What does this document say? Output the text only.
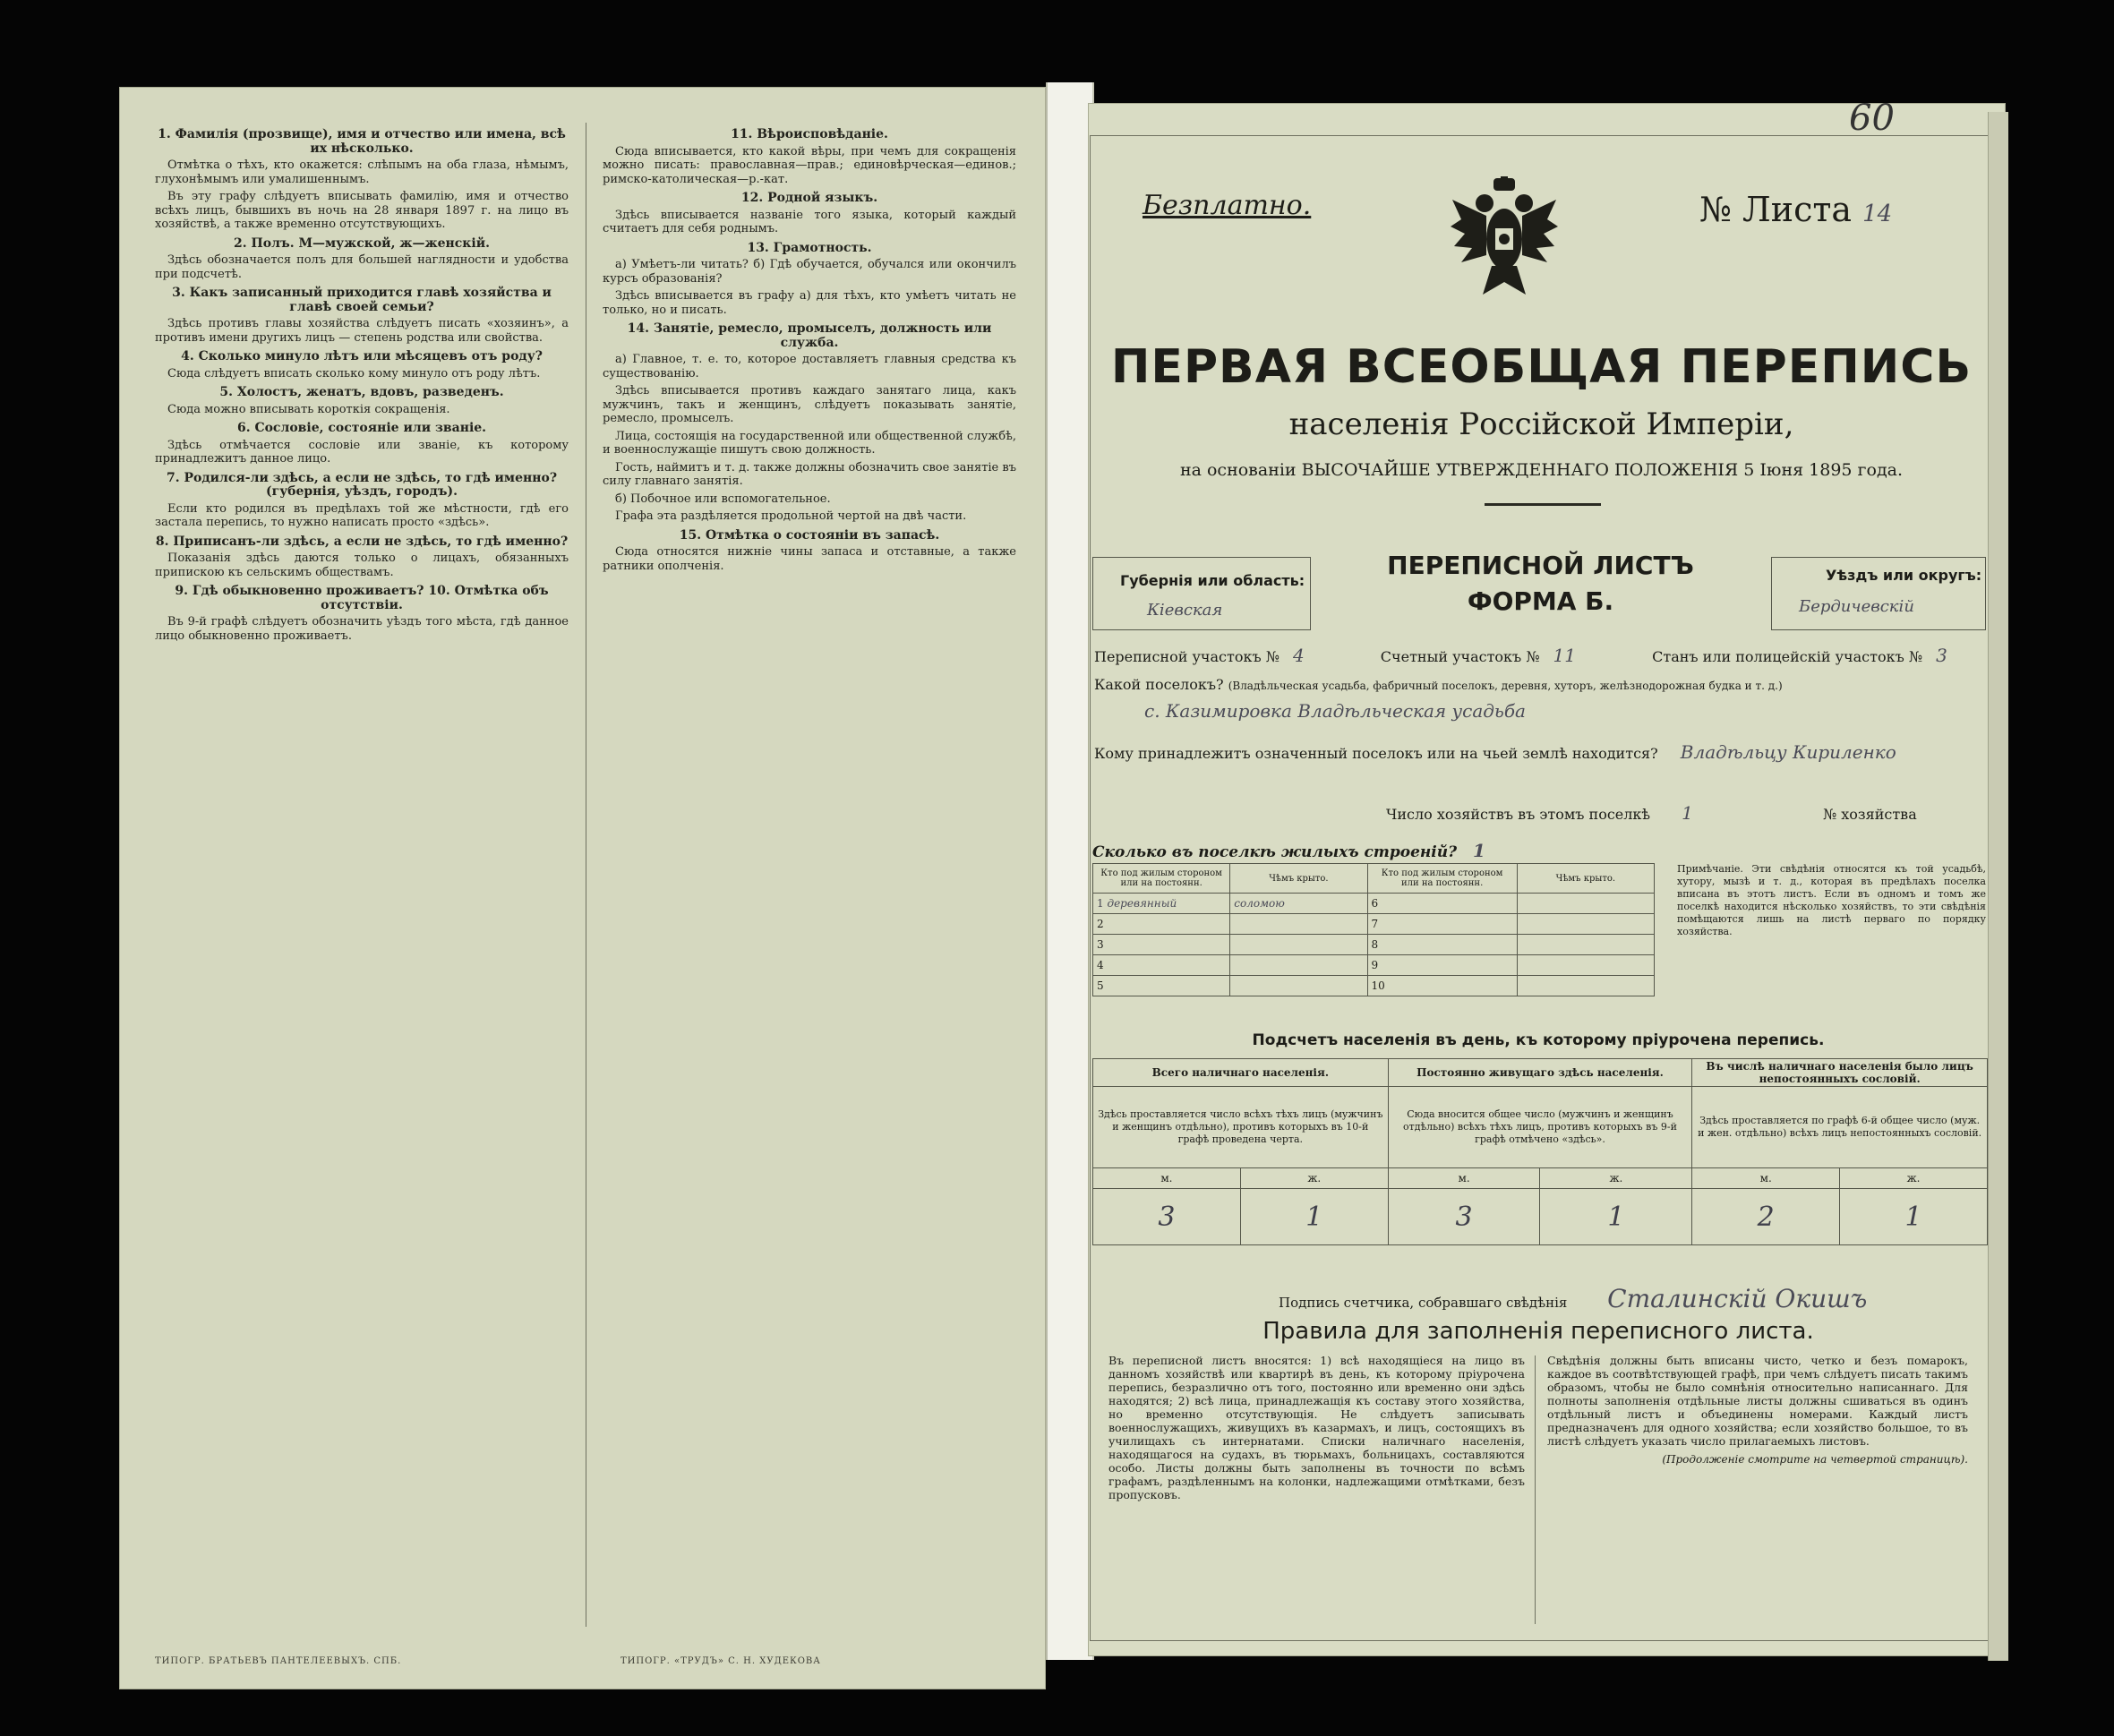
1. Фамилія (прозвище), имя и отчество или имена, всѣ их нѣсколько.

Отмѣтка о тѣхъ, кто окажется: слѣпымъ на оба глаза, нѣмымъ, глухонѣмымъ или умалишеннымъ.

Въ эту графу слѣдуетъ вписывать фамилію, имя и отчество всѣхъ лицъ, бывшихъ въ ночь на 28 января 1897 г. на лицо въ хозяйствѣ, а также временно отсутствующихъ.

2. Полъ. М—мужской, ж—женскій.

Здѣсь обозначается полъ для большей наглядности и удобства при подсчетѣ.

3. Какъ записанный приходится главѣ хозяйства и главѣ своей семьи?

Здѣсь противъ главы хозяйства слѣдуетъ писать «хозяинъ», а противъ имени другихъ лицъ — степень родства или свойства.

4. Сколько минуло лѣтъ или мѣсяцевъ отъ роду?

Сюда слѣдуетъ вписать сколько кому минуло отъ роду лѣтъ.

5. Холостъ, женатъ, вдовъ, разведенъ.

Сюда можно вписывать короткія сокращенія.

6. Сословіе, состояніе или званіе.

Здѣсь отмѣчается сословіе или званіе, къ которому принадлежитъ данное лицо.

7. Родился-ли здѣсь, а если не здѣсь, то гдѣ именно? (губернія, уѣздъ, городъ).

Если кто родился въ предѣлахъ той же мѣстности, гдѣ его застала перепись, то нужно написать просто «здѣсь».

8. Приписанъ-ли здѣсь, а если не здѣсь, то гдѣ именно?

Показанія здѣсь даются только о лицахъ, обязанныхъ припискою къ сельскимъ обществамъ.

9. Гдѣ обыкновенно проживаетъ? 10. Отмѣтка объ отсутствіи.

Въ 9-й графѣ слѣдуетъ обозначить уѣздъ того мѣста, гдѣ данное лицо обыкновенно проживаетъ.

11. Вѣроисповѣданіе.

Сюда вписывается, кто какой вѣры, при чемъ для сокращенія можно писать: православная—прав.; единовѣрческая—единов.; римско-католическая—р.-кат.

12. Родной языкъ.

Здѣсь вписывается названіе того языка, который каждый считаетъ для себя роднымъ.

13. Грамотность.

а) Умѣетъ-ли читать? б) Гдѣ обучается, обучался или окончилъ курсъ образованія?

Здѣсь вписывается въ графу а) для тѣхъ, кто умѣетъ читать не только, но и писать.

14. Занятіе, ремесло, промыселъ, должность или служба.

а) Главное, т. е. то, которое доставляетъ главныя средства къ существованію.

Здѣсь вписывается противъ каждаго занятаго лица, какъ мужчинъ, такъ и женщинъ, слѣдуетъ показывать занятіе, ремесло, промыселъ.

Лица, состоящія на государственной или общественной службѣ, и военнослужащіе пишутъ свою должность.

Гость, наймитъ и т. д. также должны обозначить свое занятіе въ силу главнаго занятія.

б) Побочное или вспомогательное.

Графа эта раздѣляется продольной чертой на двѣ части.

15. Отмѣтка о состояніи въ запасѣ.

Сюда относятся нижніе чины запаса и отставные, а также ратники ополченія.

ТИПОГР. БРАТЬЕВЪ ПАНТЕЛЕЕВЫХЪ. СПБ.	ТИПОГР. «ТРУДЪ» С. Н. ХУДЕКОВА
60
Безплатно.	№ Листа 14
ПЕРВАЯ ВСЕОБЩАЯ ПЕРЕПИСЬ
населенія Россійской Имперіи,
на основаніи ВЫСОЧАЙШЕ УТВЕРЖДЕННАГО ПОЛОЖЕНІЯ 5 Іюня 1895 года.
Губернія или область:
Кіевская
ПЕРЕПИСНОЙ ЛИСТЪ
ФОРМА Б.
Уѣздъ или округъ:
Бердичевскій
Переписной участокъ № 4	Счетный участокъ № 11	Станъ или полицейскій участокъ № 3
Какой поселокъ? (Владѣльческая усадьба, фабричный поселокъ, деревня, хуторъ, желѣзнодорожная будка и т. д.)
с. Казимировка Владѣльческая усадьба
Кому принадлежитъ означенный поселокъ или на чьей землѣ находится? Владѣльцу Кириленко
Число хозяйствъ въ этомъ поселкѣ 1	№ хозяйства
Сколько въ поселкѣ жилыхъ строеній? 1
Кто под жилым стороном или на постоянн.	Чѣмъ крыто.	Кто под жилым стороном или на постоянн.	Чѣмъ крыто.
1 деревянный	соломою	6	
2		7	
3		8	
4		9	
5		10	
Примѣчаніе. Эти свѣдѣнія относятся къ той усадьбѣ, хутору, мызѣ и т. д., которая въ предѣлахъ поселка вписана въ этотъ листъ. Если въ одномъ и томъ же поселкѣ находится нѣсколько хозяйствъ, то эти свѣдѣнія помѣщаются лишь на листѣ перваго по порядку хозяйства.
Подсчетъ населенія въ день, къ которому пріурочена перепись.
Всего наличнаго населенія.		Постоянно живущаго здѣсь населенія.		Въ числѣ наличнаго населенія было лицъ непостоянныхъ сословій.	
Здѣсь проставляется число всѣхъ тѣхъ лицъ (мужчинъ и женщинъ отдѣльно), противъ которыхъ въ 10-й графѣ проведена черта.		Сюда вносится общее число (мужчинъ и женщинъ отдѣльно) всѣхъ тѣхъ лицъ, противъ которыхъ въ 9-й графѣ отмѣчено «здѣсь».		Здѣсь проставляется по графѣ 6-й общее число (муж. и жен. отдѣльно) всѣхъ лицъ непостоянныхъ сословій.	
м.	ж.	м.	ж.	м.	ж.
3	1	3	1	2	1
Подпись счетчика, собравшаго свѣдѣнія Сталинскій Окишъ
Правила для заполненія переписного листа.
Въ переписной листъ вносятся: 1) всѣ находящіеся на лицо въ данномъ хозяйствѣ или квартирѣ въ день, къ которому пріурочена перепись, безразлично отъ того, постоянно или временно они здѣсь находятся; 2) всѣ лица, принадлежащія къ составу этого хозяйства, но временно отсутствующія. Не слѣдуетъ записывать военнослужащихъ, живущихъ въ казармахъ, и лицъ, состоящихъ въ училищахъ съ интернатами. Списки наличнаго населенія, находящагося на судахъ, въ тюрьмахъ, больницахъ, составляются особо. Листы должны быть заполнены въ точности по всѣмъ графамъ, раздѣленнымъ на колонки, надлежащими отмѣтками, безъ пропусковъ.
Свѣдѣнія должны быть вписаны чисто, четко и безъ помарокъ, каждое въ соотвѣтствующей графѣ, при чемъ слѣдуетъ писать такимъ образомъ, чтобы не было сомнѣнія относительно написаннаго. Для полноты заполненія отдѣльные листы должны сшиваться въ одинъ отдѣльный листъ и объединены номерами. Каждый листъ предназначенъ для одного хозяйства; если хозяйство большое, то въ листѣ слѣдуетъ указать число прилагаемыхъ листовъ.
(Продолженіе смотрите на четвертой страницѣ).
